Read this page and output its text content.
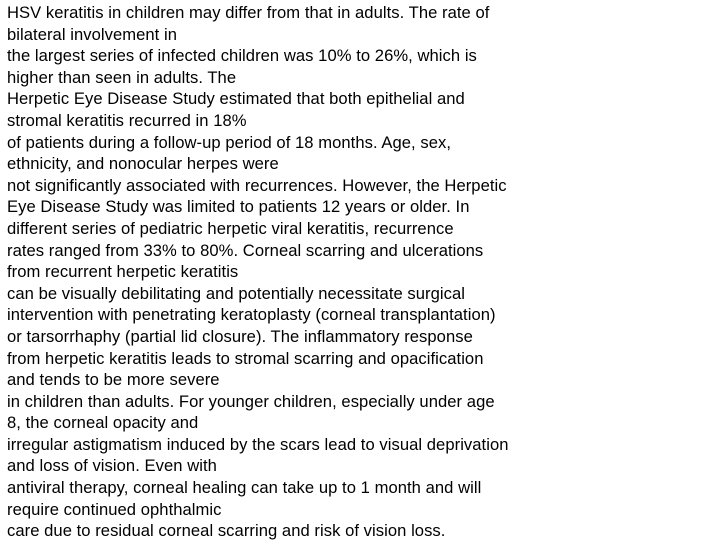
HSV keratitis in children may differ from that in adults. The rate of
bilateral involvement in
the largest series of infected children was 10% to 26%, which is
higher than seen in adults. The
Herpetic Eye Disease Study estimated that both epithelial and
stromal keratitis recurred in 18%
of patients during a follow-up period of 18 months. Age, sex,
ethnicity, and nonocular herpes were
not significantly associated with recurrences. However, the Herpetic
Eye Disease Study was limited to patients 12 years or older. In
different series of pediatric herpetic viral keratitis, recurrence
rates ranged from 33% to 80%. Corneal scarring and ulcerations
from recurrent herpetic keratitis
can be visually debilitating and potentially necessitate surgical
intervention with penetrating keratoplasty (corneal transplantation)
or tarsorrhaphy (partial lid closure). The inflammatory response
from herpetic keratitis leads to stromal scarring and opacification
and tends to be more severe
in children than adults. For younger children, especially under age
8, the corneal opacity and
irregular astigmatism induced by the scars lead to visual deprivation
and loss of vision. Even with
antiviral therapy, corneal healing can take up to 1 month and will
require continued ophthalmic
care due to residual corneal scarring and risk of vision loss.
